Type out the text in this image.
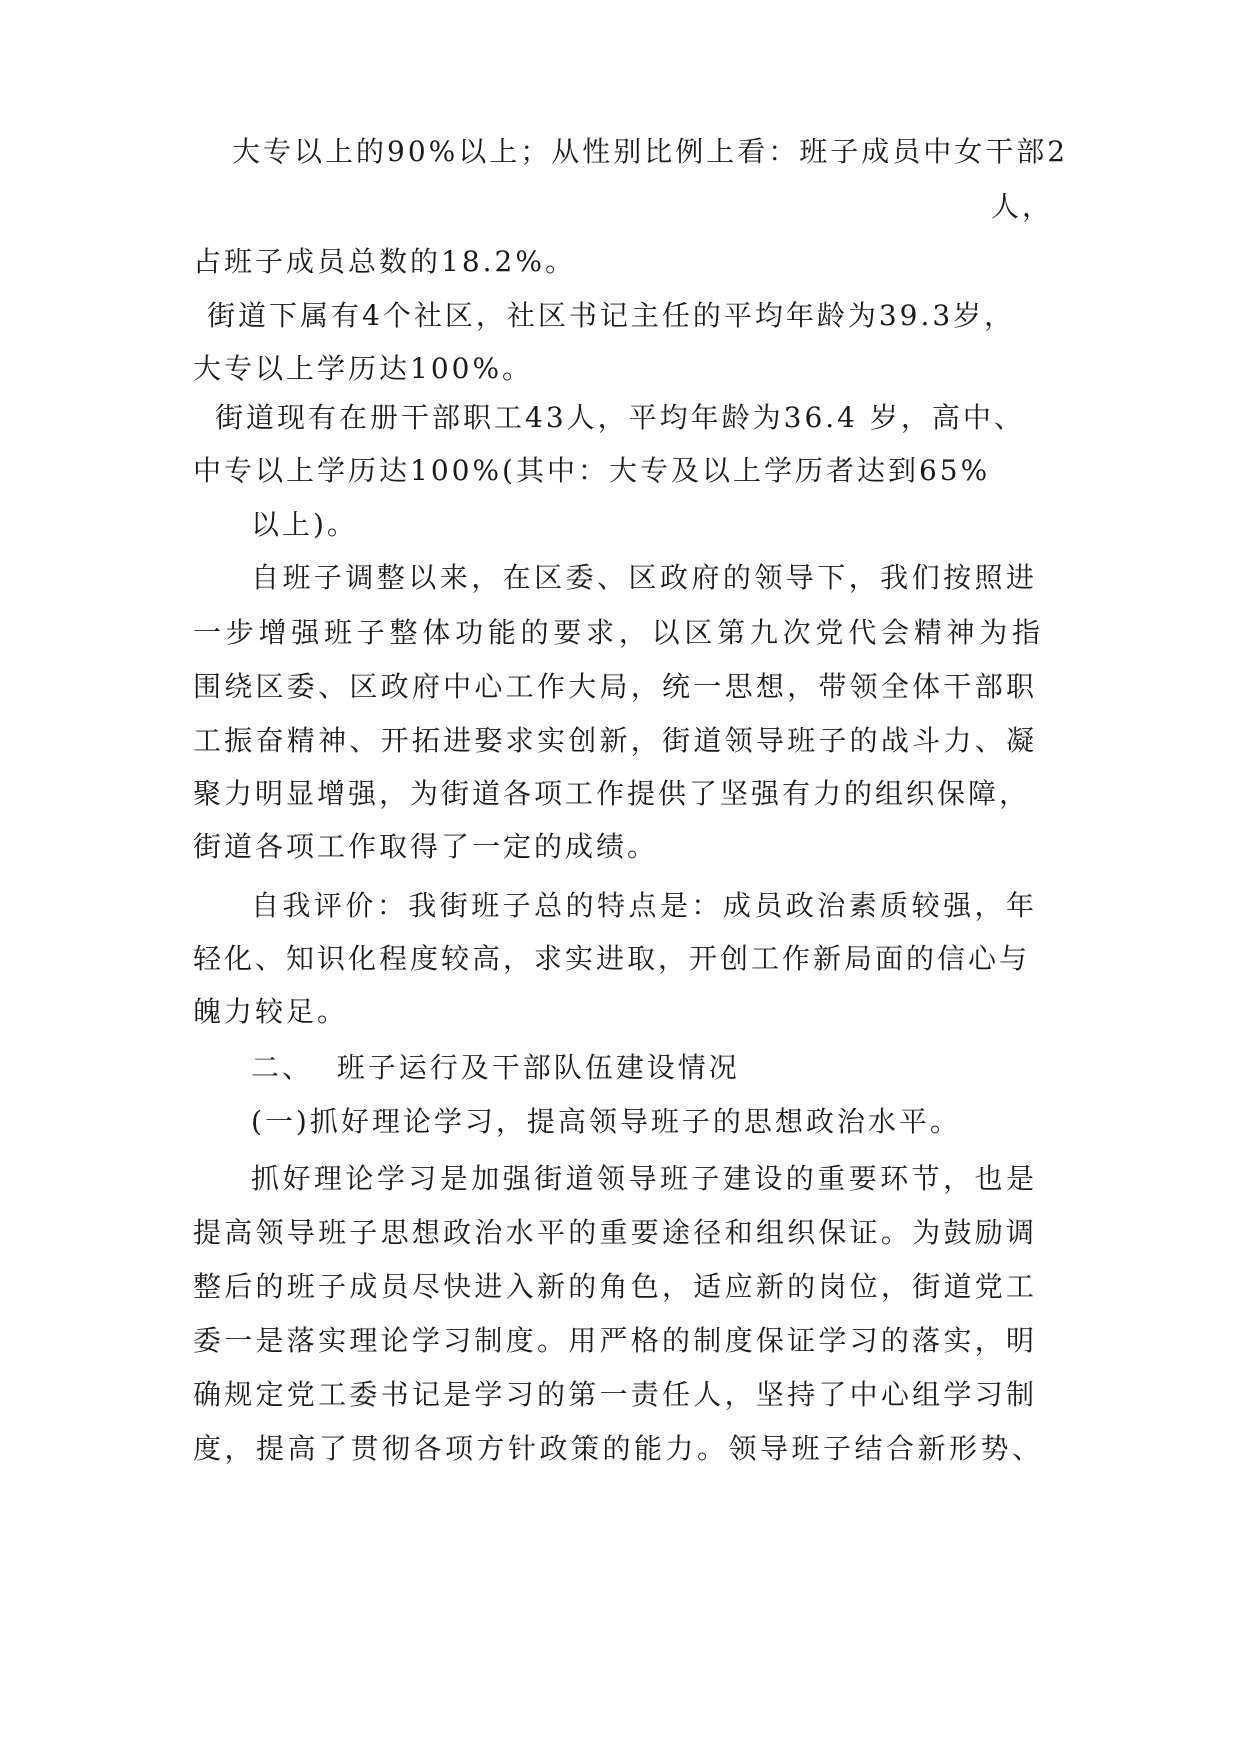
大专以上的90%以上；从性别比例上看：班子成员中女干部2
人，
占班子成员总数的18.2%。
街道下属有4个社区，社区书记主任的平均年龄为39.3岁，
大专以上学历达100%。
街道现有在册干部职工43人，平均年龄为36.4 岁，高中、
中专以上学历达100%(其中：大专及以上学历者达到65%
以上)。
自班子调整以来，在区委、区政府的领导下，我们按照进
一步增强班子整体功能的要求，以区第九次党代会精神为指
围绕区委、区政府中心工作大局，统一思想，带领全体干部职
工振奋精神、开拓进娶求实创新，街道领导班子的战斗力、凝
聚力明显增强，为街道各项工作提供了坚强有力的组织保障，
街道各项工作取得了一定的成绩。
自我评价：我街班子总的特点是：成员政治素质较强，年
轻化、知识化程度较高，求实进取，开创工作新局面的信心与
魄力较足。
二、  班子运行及干部队伍建设情况
(一)抓好理论学习，提高领导班子的思想政治水平。
抓好理论学习是加强街道领导班子建设的重要环节，也是
提高领导班子思想政治水平的重要途径和组织保证。为鼓励调
整后的班子成员尽快进入新的角色，适应新的岗位，街道党工
委一是落实理论学习制度。用严格的制度保证学习的落实，明
确规定党工委书记是学习的第一责任人，坚持了中心组学习制
度，提高了贯彻各项方针政策的能力。领导班子结合新形势、
